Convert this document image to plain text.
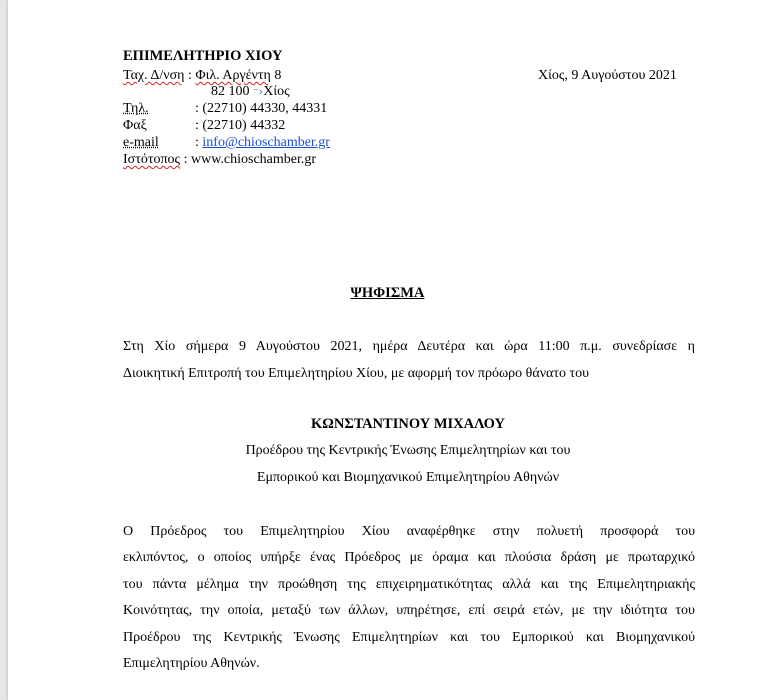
ΕΠΙΜΕΛΗΤΗΡΙΟ ΧΙΟΥ
Ταχ. Δ/νση : Φιλ. Αργέντη 8
82 100 ⁻›Χίος
Τηλ.	: (22710) 44330, 44331
Φαξ	: (22710) 44332
e-mail	: info@chioschamber.gr
Ιστότοπος : www.chioschamber.gr
Χίος, 9 Αυγούστου 2021
ΨΗΦΙΣΜΑ
Στη Χίο σήμερα 9 Αυγούστου 2021, ημέρα Δευτέρα και ώρα 11:00 π.μ. συνεδρίασε η
Διοικητική Επιτροπή του Επιμελητηρίου Χίου, με αφορμή τον πρόωρο θάνατο του
ΚΩΝΣΤΑΝΤΙΝΟΥ ΜΙΧΑΛΟΥ
Προέδρου της Κεντρικής Ένωσης Επιμελητηρίων και του
Εμπορικού και Βιομηχανικού Επιμελητηρίου Αθηνών
Ο Πρόεδρος του Επιμελητηρίου Χίου αναφέρθηκε στην πολυετή προσφορά του
εκλιπόντος, ο οποίος υπήρξε ένας Πρόεδρος με όραμα και πλούσια δράση με πρωταρχικό
του πάντα μέλημα την προώθηση της επιχειρηματικότητας αλλά και της Επιμελητηριακής
Κοινότητας, την οποία, μεταξύ των άλλων, υπηρέτησε, επί σειρά ετών, με την ιδιότητα του
Προέδρου της Κεντρικής Ένωσης Επιμελητηρίων και του Εμπορικού και Βιομηχανικού
Επιμελητηρίου Αθηνών.
